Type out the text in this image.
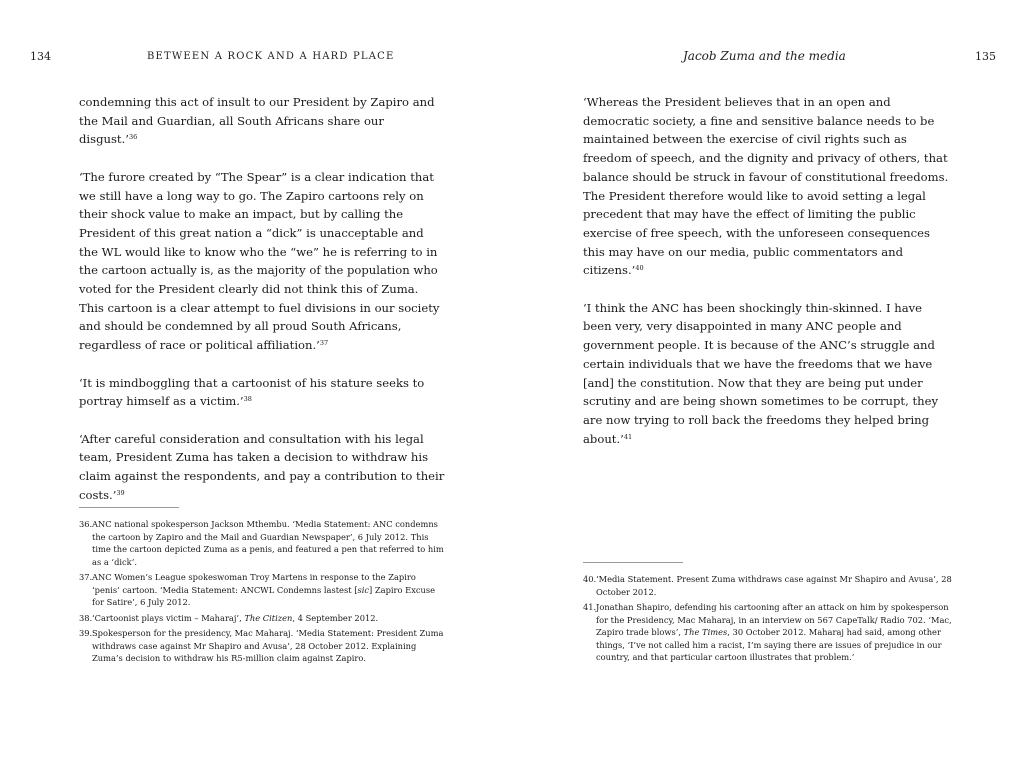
134	BETWEEN A ROCK AND A HARD PLACE

condemning this act of insult to our President by Zapiro and the Mail and Guardian, all South Africans share our disgust.’$^{36}$

‘The furore created by “The Spear” is a clear indication that we still have a long way to go. The Zapiro cartoons rely on their shock value to make an impact, but by calling the President of this great nation a “dick” is unacceptable and the WL would like to know who the “we” he is referring to in the cartoon actually is, as the majority of the population who voted for the President clearly did not think this of Zuma. This cartoon is a clear attempt to fuel divisions in our society and should be condemned by all proud South Africans, regardless of race or political affiliation.’$^{37}$

‘It is mindboggling that a cartoonist of his stature seeks to portray himself as a victim.’$^{38}$

‘After careful consideration and consultation with his legal team, President Zuma has taken a decision to withdraw his claim against the respondents, and pay a contribution to their costs.’$^{39}$

36. ANC national spokesperson Jackson Mthembu. ‘Media Statement: ANC condemns the cartoon by Zapiro and the Mail and Guardian Newspaper’, 6 July 2012. This time the cartoon depicted Zuma as a penis, and featured a pen that referred to him as a ‘dick’.
37. ANC Women’s League spokeswoman Troy Martens in response to the Zapiro ‘penis’ cartoon. ‘Media Statement: ANCWL Condemns lastest [sic] Zapiro Excuse for Satire’, 6 July 2012.
38. ‘Cartoonist plays victim – Maharaj’, The Citizen, 4 September 2012.
39. Spokesperson for the presidency, Mac Maharaj. ‘Media Statement: President Zuma withdraws case against Mr Shapiro and Avusa’, 28 October 2012. Explaining Zuma’s decision to withdraw his R5-million claim against Zapiro.
Jacob Zuma and the media	135

‘Whereas the President believes that in an open and democratic society, a fine and sensitive balance needs to be maintained between the exercise of civil rights such as freedom of speech, and the dignity and privacy of others, that balance should be struck in favour of constitutional freedoms. The President therefore would like to avoid setting a legal precedent that may have the effect of limiting the public exercise of free speech, with the unforeseen consequences this may have on our media, public commentators and citizens.’$^{40}$

‘I think the ANC has been shockingly thin-skinned. I have been very, very disappointed in many ANC people and government people. It is because of the ANC’s struggle and certain individuals that we have the freedoms that we have [and] the constitution. Now that they are being put under scrutiny and are being shown sometimes to be corrupt, they are now trying to roll back the freedoms they helped bring about.’$^{41}$

40. ‘Media Statement. Present Zuma withdraws case against Mr Shapiro and Avusa’, 28 October 2012.
41. Jonathan Shapiro, defending his cartooning after an attack on him by spokesperson for the Presidency, Mac Maharaj, in an interview on 567 CapeTalk/ Radio 702. ‘Mac, Zapiro trade blows’, The Times, 30 October 2012. Maharaj had said, among other things, ‘I’ve not called him a racist, I’m saying there are issues of prejudice in our country, and that particular cartoon illustrates that problem.’
